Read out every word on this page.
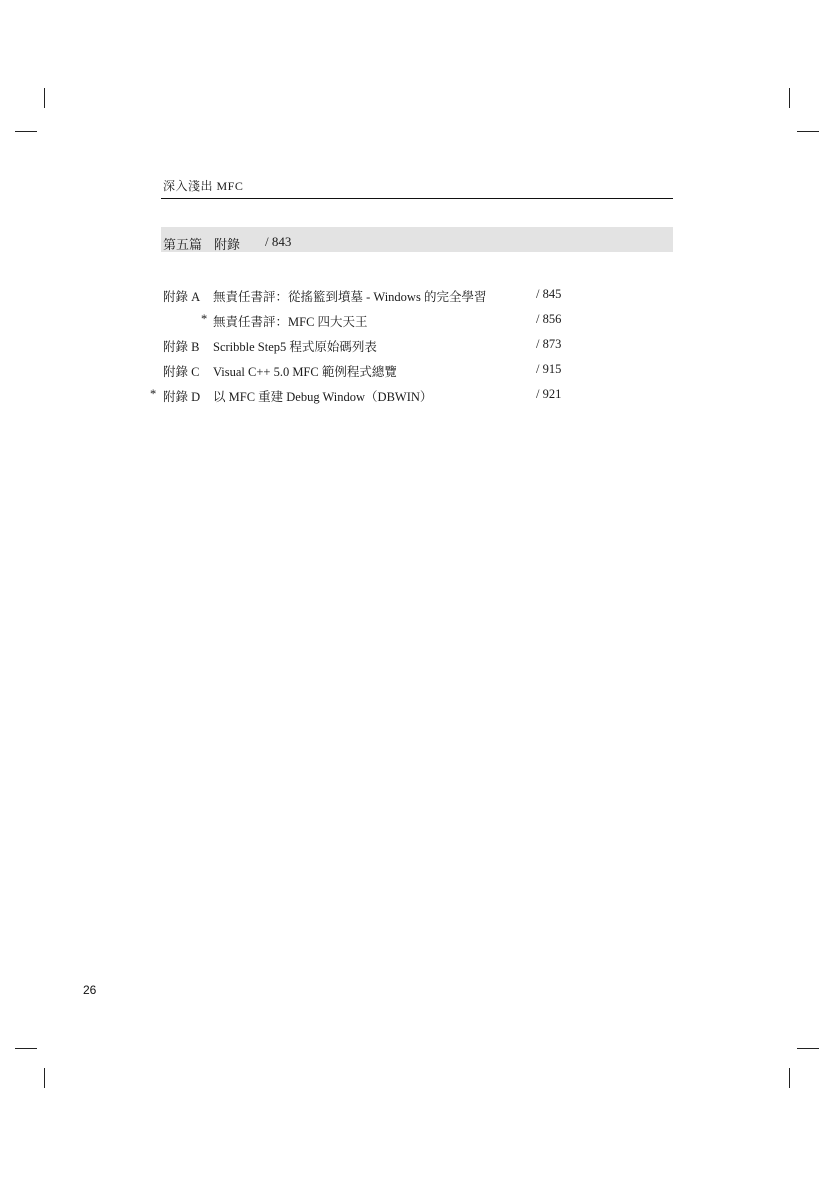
深入淺出 MFC
第五篇 附錄 / 843
附錄 A 無責任書評：從搖籃到墳墓 - Windows 的完全學習	/ 845
* 無責任書評：MFC 四大天王	/ 856
附錄 B Scribble Step5 程式原始碼列表	/ 873
附錄 C Visual C++ 5.0 MFC 範例程式總覽	/ 915
* 附錄 D 以 MFC 重建 Debug Window（DBWIN）	/ 921
26
